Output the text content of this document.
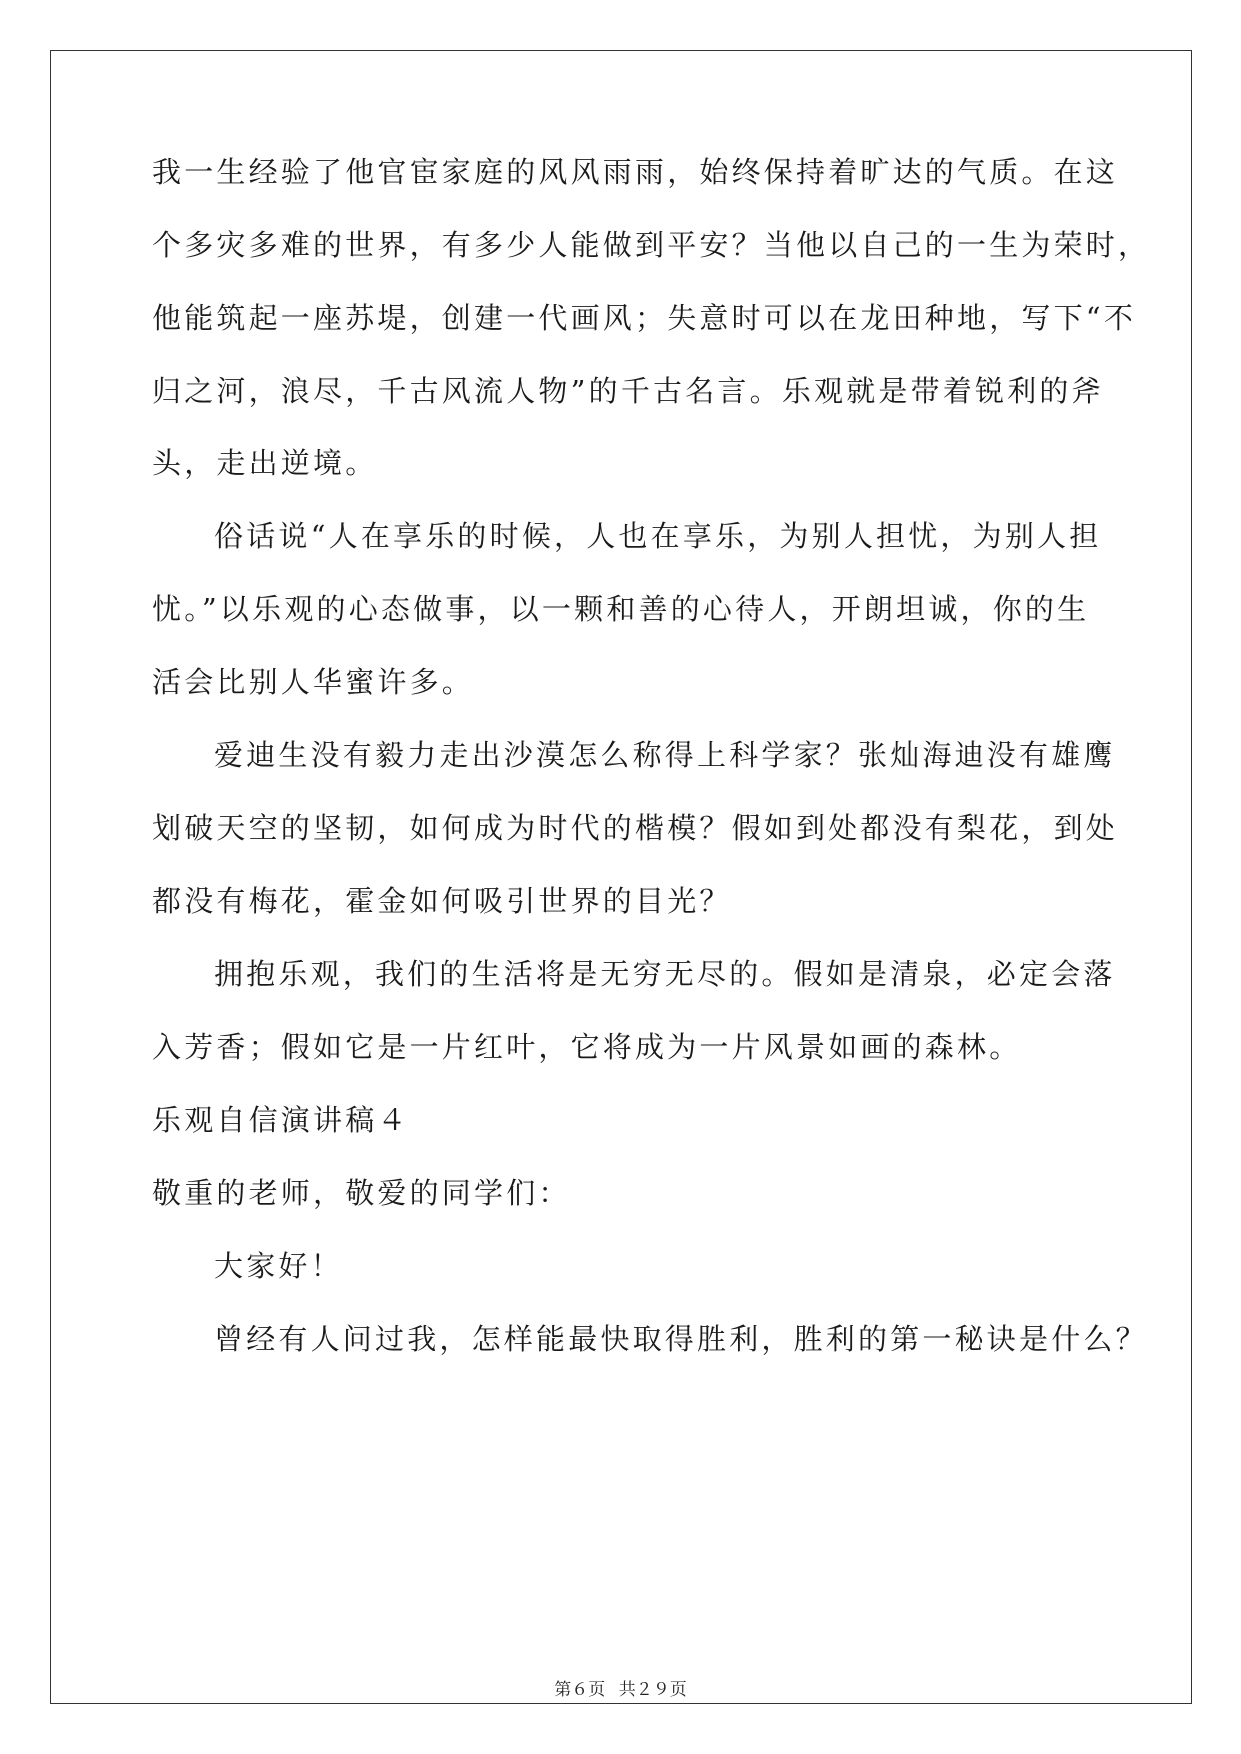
我一生经验了他官宦家庭的风风雨雨，始终保持着旷达的气质。在这
个多灾多难的世界，有多少人能做到平安？当他以自己的一生为荣时，
他能筑起一座苏堤，创建一代画风；失意时可以在龙田种地，写下“不
归之河，浪尽，千古风流人物”的千古名言。乐观就是带着锐利的斧
头，走出逆境。
俗话说“人在享乐的时候，人也在享乐，为别人担忧，为别人担
忧。”以乐观的心态做事，以一颗和善的心待人，开朗坦诚，你的生
活会比别人华蜜许多。
爱迪生没有毅力走出沙漠怎么称得上科学家？张灿海迪没有雄鹰
划破天空的坚韧，如何成为时代的楷模？假如到处都没有梨花，到处
都没有梅花，霍金如何吸引世界的目光？
拥抱乐观，我们的生活将是无穷无尽的。假如是清泉，必定会落
入芳香；假如它是一片红叶，它将成为一片风景如画的森林。
乐观自信演讲稿４
敬重的老师，敬爱的同学们：
大家好！
曾经有人问过我，怎样能最快取得胜利，胜利的第一秘诀是什么？
第６页 共２９页
